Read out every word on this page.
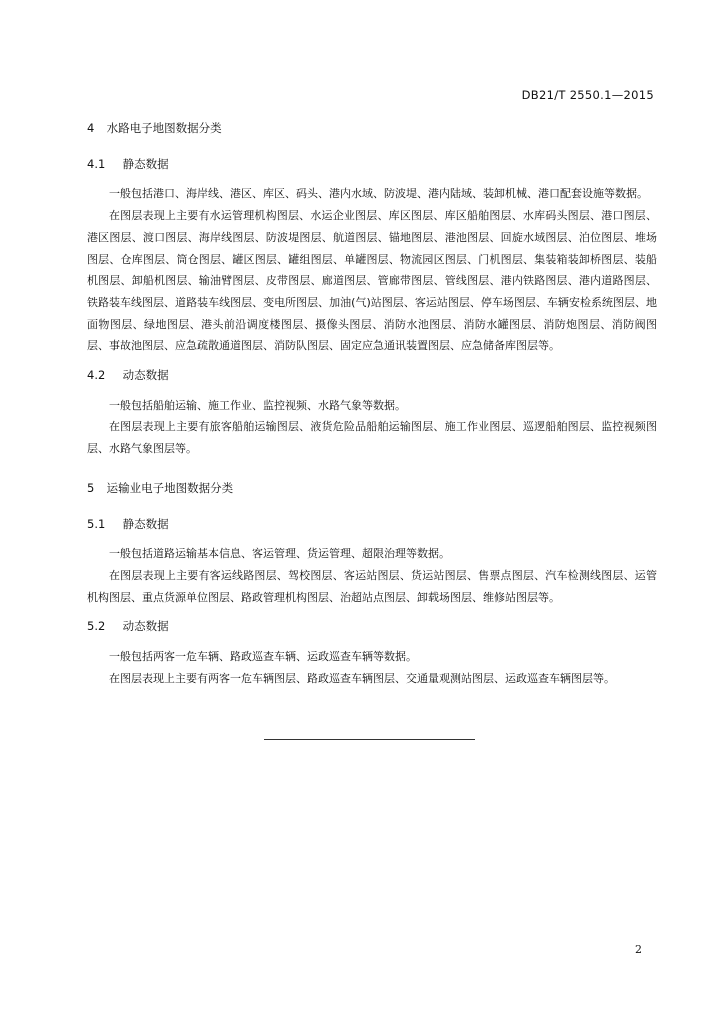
DB21/T 2550.1—2015
4 水路电子地图数据分类
4.1 静态数据

一般包括港口、海岸线、港区、库区、码头、港内水域、防波堤、港内陆域、装卸机械、港口配套设施等数据。

在图层表现上主要有水运管理机构图层、水运企业图层、库区图层、库区船舶图层、水库码头图层、港口图层、港区图层、渡口图层、海岸线图层、防波堤图层、航道图层、锚地图层、港池图层、回旋水域图层、泊位图层、堆场图层、仓库图层、筒仓图层、罐区图层、罐组图层、单罐图层、物流园区图层、门机图层、集装箱装卸桥图层、装船机图层、卸船机图层、输油臂图层、皮带图层、廊道图层、管廊带图层、管线图层、港内铁路图层、港内道路图层、铁路装车线图层、道路装车线图层、变电所图层、加油(气)站图层、客运站图层、停车场图层、车辆安检系统图层、地面物图层、绿地图层、港头前沿调度楼图层、摄像头图层、消防水池图层、消防水罐图层、消防炮图层、消防阀图层、事故池图层、应急疏散通道图层、消防队图层、固定应急通讯装置图层、应急储备库图层等。

4.2 动态数据

一般包括船舶运输、施工作业、监控视频、水路气象等数据。

在图层表现上主要有旅客船舶运输图层、液货危险品船舶运输图层、施工作业图层、巡逻船舶图层、监控视频图层、水路气象图层等。

5 运输业电子地图数据分类
5.1 静态数据

一般包括道路运输基本信息、客运管理、货运管理、超限治理等数据。

在图层表现上主要有客运线路图层、驾校图层、客运站图层、货运站图层、售票点图层、汽车检测线图层、运管机构图层、重点货源单位图层、路政管理机构图层、治超站点图层、卸载场图层、维修站图层等。

5.2 动态数据

一般包括两客一危车辆、路政巡查车辆、运政巡查车辆等数据。

在图层表现上主要有两客一危车辆图层、路政巡查车辆图层、交通量观测站图层、运政巡查车辆图层等。

2
